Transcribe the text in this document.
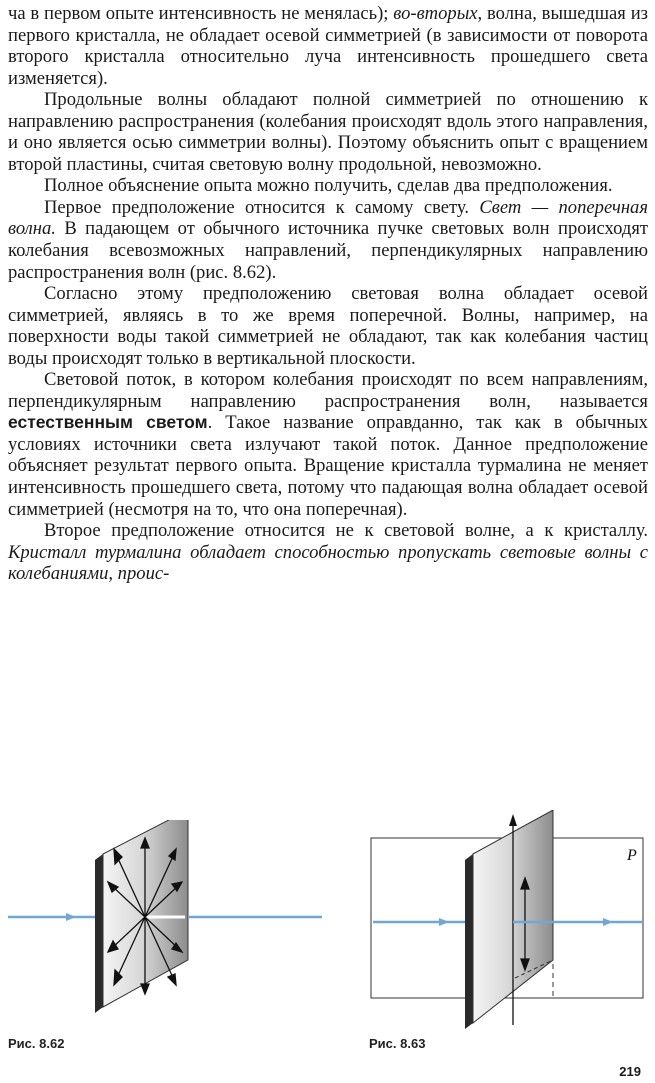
ча в первом опыте интенсивность не менялась); во-вторых, волна, вышедшая из первого кристалла, не обладает осевой симметрией (в зависимости от поворота второго кристалла относительно луча интенсивность прошедшего света изменяется).

Продольные волны обладают полной симметрией по отношению к направлению распространения (колебания происходят вдоль этого направления, и оно является осью симметрии волны). Поэтому объяснить опыт с вращением второй пластины, считая световую волну продольной, невозможно.

Полное объяснение опыта можно получить, сделав два предположения.

Первое предположение относится к самому свету. Свет — поперечная волна. В падающем от обычного источника пучке световых волн происходят колебания всевозможных направлений, перпендикулярных направлению распространения волн (рис. 8.62).

Согласно этому предположению световая волна обладает осевой симметрией, являясь в то же время поперечной. Волны, например, на поверхности воды такой симметрией не обладают, так как колебания частиц воды происходят только в вертикальной плоскости.

Световой поток, в котором колебания происходят по всем направлениям, перпендикулярным направлению распространения волн, называется естественным светом. Такое название оправданно, так как в обычных условиях источники света излучают такой поток. Данное предположение объясняет результат первого опыта. Вращение кристалла турмалина не меняет интенсивность прошедшего света, потому что падающая волна обладает осевой симметрией (несмотря на то, что она поперечная).

Второе предположение относится не к световой волне, а к кристаллу. Кристалл турмалина обладает способностью пропускать световые волны с колебаниями, проис-

Рис. 8.62
P
Рис. 8.63
219
